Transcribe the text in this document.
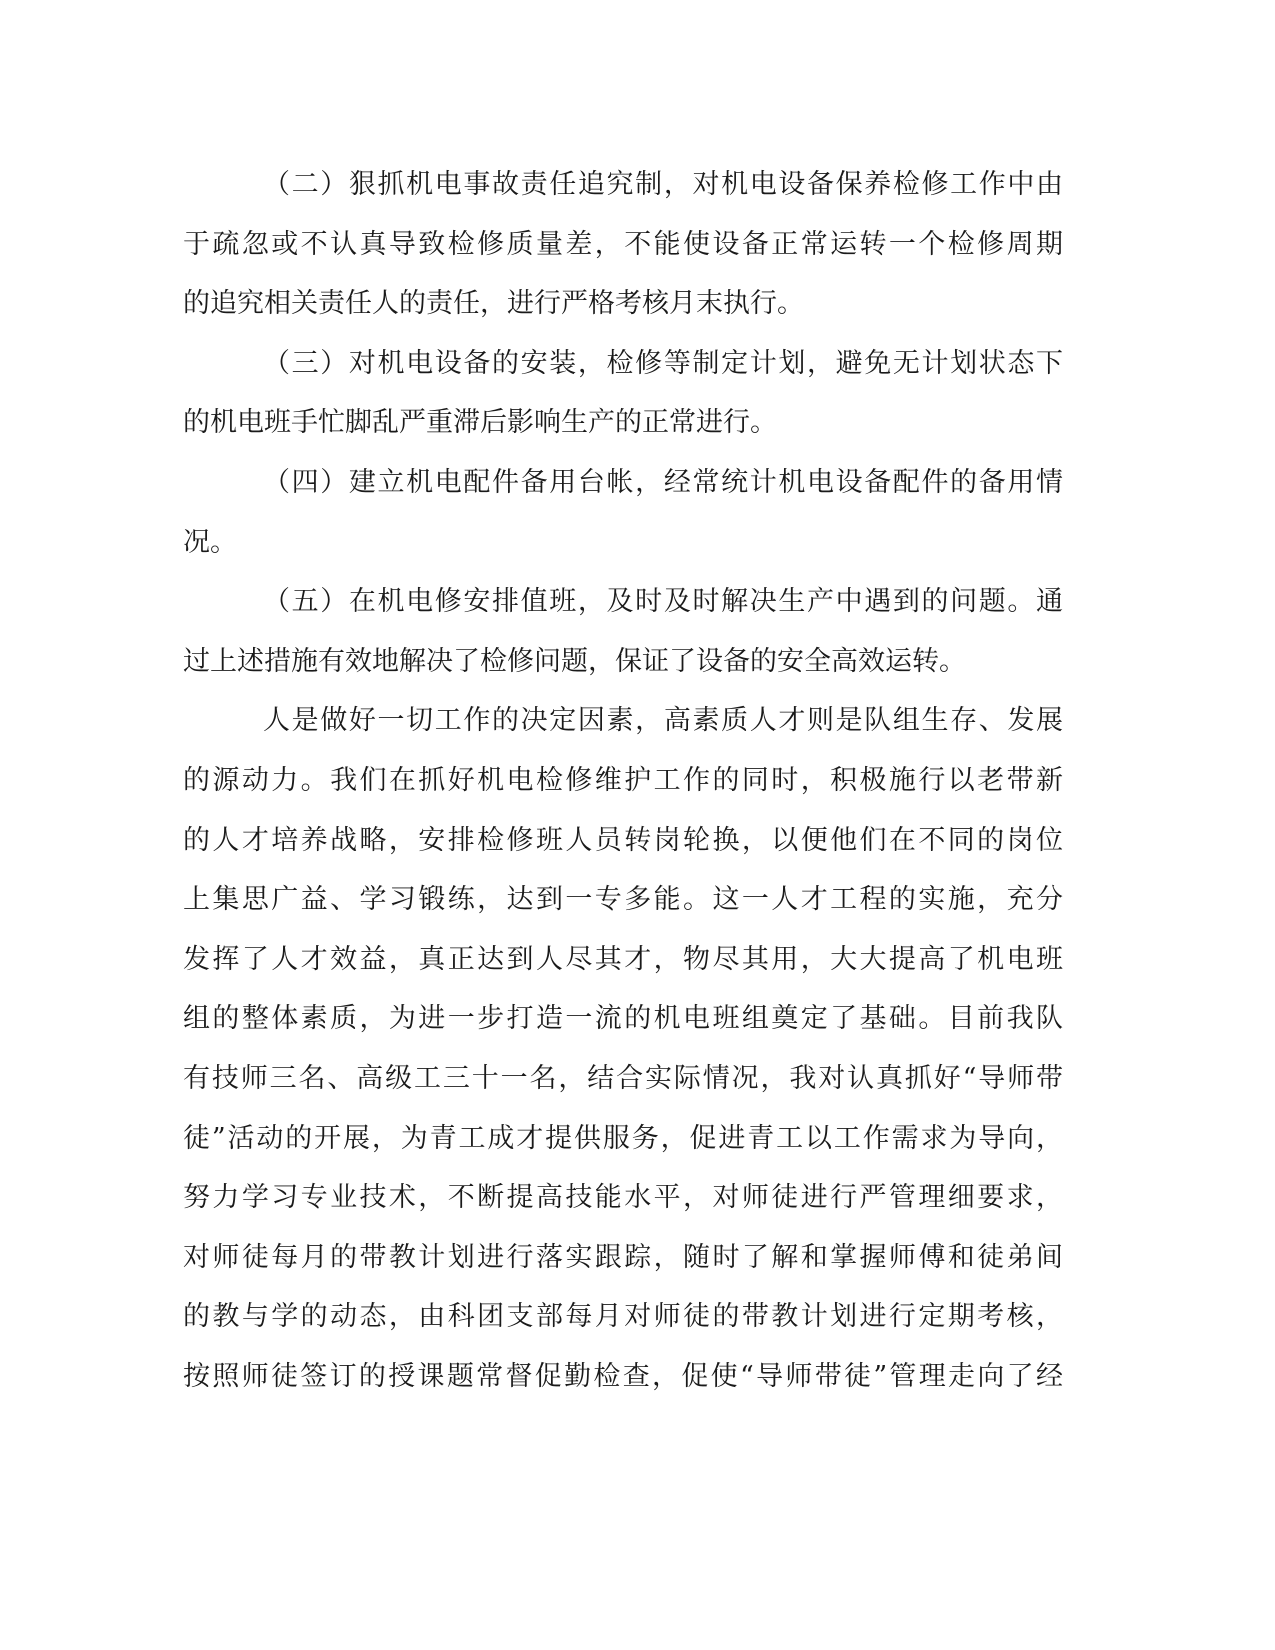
（二）狠抓机电事故责任追究制，对机电设备保养检修工作中由
于疏忽或不认真导致检修质量差，不能使设备正常运转一个检修周期
的追究相关责任人的责任，进行严格考核月末执行。
（三）对机电设备的安装，检修等制定计划，避免无计划状态下
的机电班手忙脚乱严重滞后影响生产的正常进行。
（四）建立机电配件备用台帐，经常统计机电设备配件的备用情
况。
（五）在机电修安排值班，及时及时解决生产中遇到的问题。通
过上述措施有效地解决了检修问题，保证了设备的安全高效运转。
人是做好一切工作的决定因素，高素质人才则是队组生存、发展
的源动力。我们在抓好机电检修维护工作的同时，积极施行以老带新
的人才培养战略，安排检修班人员转岗轮换，以便他们在不同的岗位
上集思广益、学习锻练，达到一专多能。这一人才工程的实施，充分
发挥了人才效益，真正达到人尽其才，物尽其用，大大提高了机电班
组的整体素质，为进一步打造一流的机电班组奠定了基础。目前我队
有技师三名、高级工三十一名，结合实际情况，我对认真抓好“导师带
徒”活动的开展，为青工成才提供服务，促进青工以工作需求为导向，
努力学习专业技术，不断提高技能水平，对师徒进行严管理细要求，
对师徒每月的带教计划进行落实跟踪，随时了解和掌握师傅和徒弟间
的教与学的动态，由科团支部每月对师徒的带教计划进行定期考核，
按照师徒签订的授课题常督促勤检查，促使“导师带徒”管理走向了经
